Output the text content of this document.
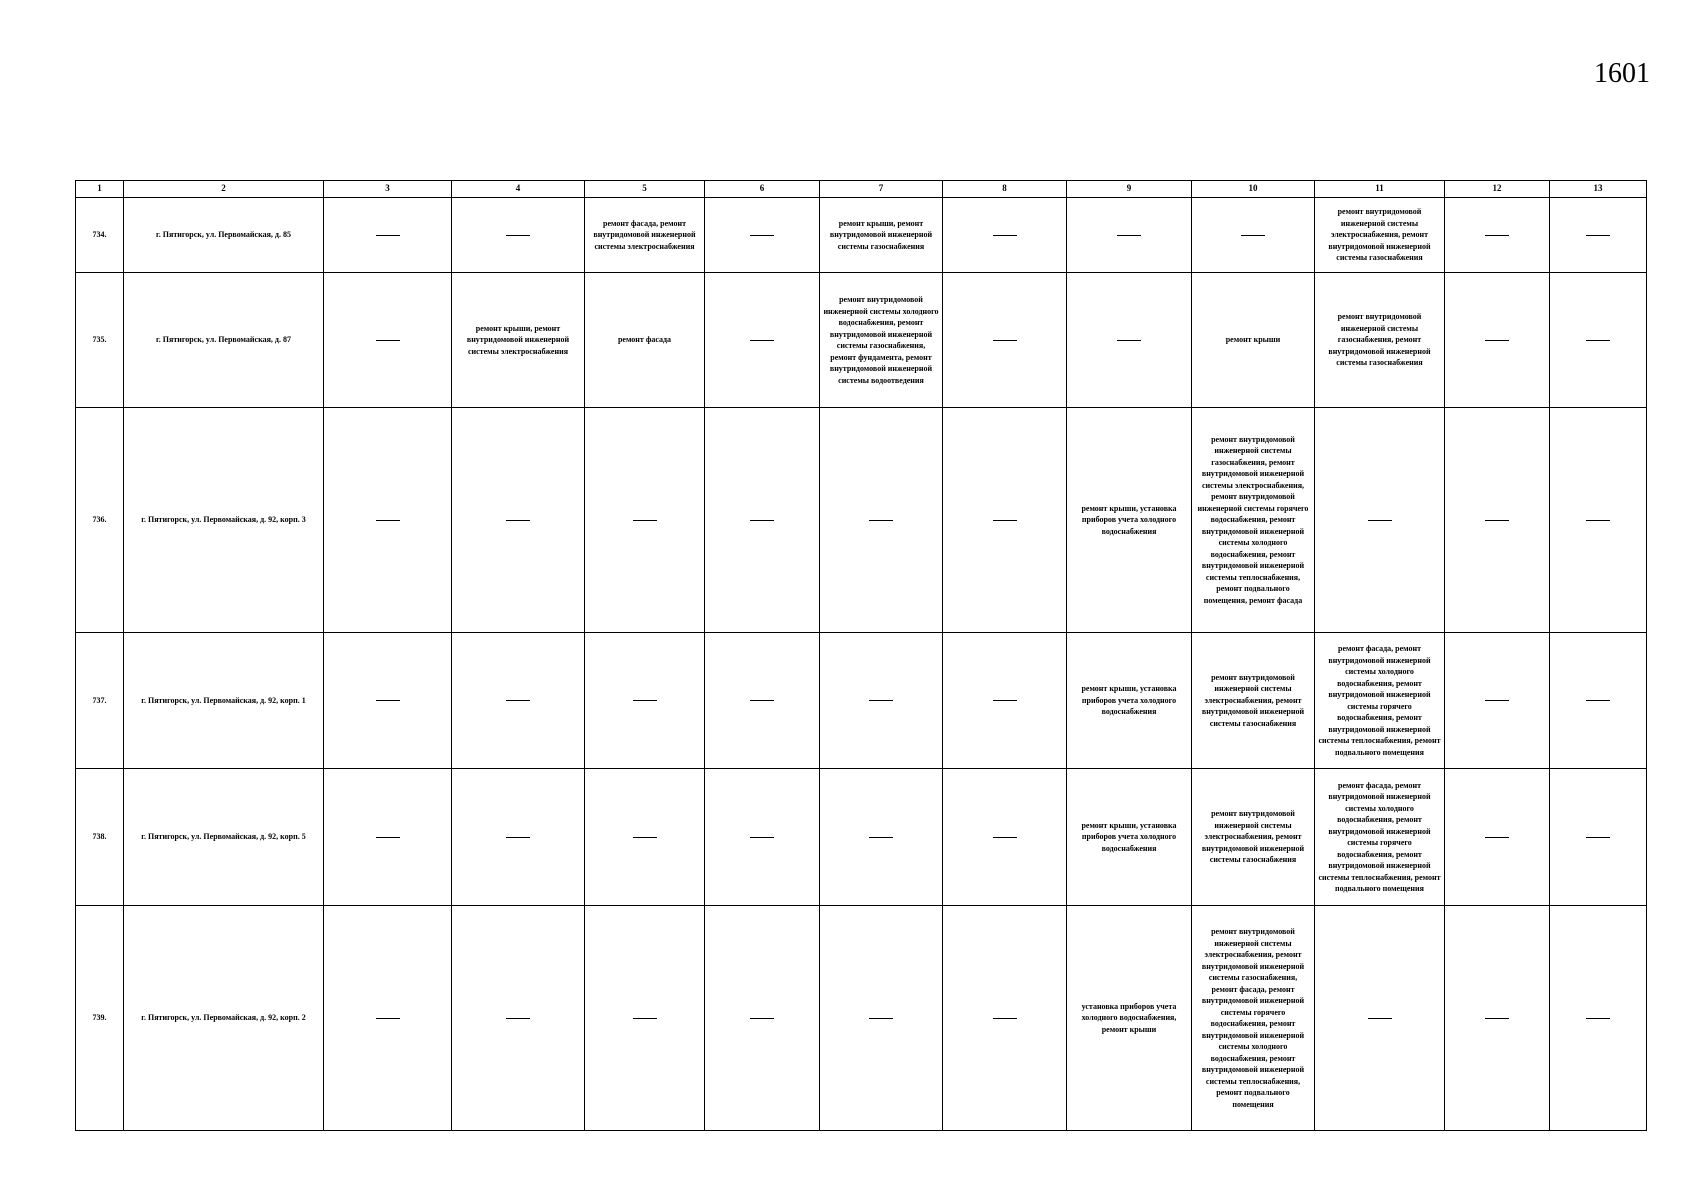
1601
1	2	3	4	5	6	7	8	9	10	11	12	13
734.	г. Пятигорск, ул. Первомайская, д. 85			ремонт фасада, ремонт внутридомовой инженерной системы электроснабжения		ремонт крыши, ремонт внутридомовой инженерной системы газоснабжения				ремонт внутридомовой инженерной системы электроснабжения, ремонт внутридомовой инженерной системы газоснабжения		
735.	г. Пятигорск, ул. Первомайская, д. 87		ремонт крыши, ремонт внутридомовой инженерной системы электроснабжения	ремонт фасада		ремонт внутридомовой инженерной системы холодного водоснабжения, ремонт внутридомовой инженерной системы газоснабжения, ремонт фундамента, ремонт внутридомовой инженерной системы водоотведения			ремонт крыши	ремонт внутридомовой инженерной системы газоснабжения, ремонт внутридомовой инженерной системы газоснабжения		
736.	г. Пятигорск, ул. Первомайская, д. 92, корп. 3							ремонт крыши, установка приборов учета холодного водоснабжения	ремонт внутридомовой инженерной системы газоснабжения, ремонт внутридомовой инженерной системы электроснабжения, ремонт внутридомовой инженерной системы горячего водоснабжения, ремонт внутридомовой инженерной системы холодного водоснабжения, ремонт внутридомовой инженерной системы теплоснабжения, ремонт подвального помещения, ремонт фасада			
737.	г. Пятигорск, ул. Первомайская, д. 92, корп. 1							ремонт крыши, установка приборов учета холодного водоснабжения	ремонт внутридомовой инженерной системы электроснабжения, ремонт внутридомовой инженерной системы газоснабжения	ремонт фасада, ремонт внутридомовой инженерной системы холодного водоснабжения, ремонт внутридомовой инженерной системы горячего водоснабжения, ремонт внутридомовой инженерной системы теплоснабжения, ремонт подвального помещения		
738.	г. Пятигорск, ул. Первомайская, д. 92, корп. 5							ремонт крыши, установка приборов учета холодного водоснабжения	ремонт внутридомовой инженерной системы электроснабжения, ремонт внутридомовой инженерной системы газоснабжения	ремонт фасада, ремонт внутридомовой инженерной системы холодного водоснабжения, ремонт внутридомовой инженерной системы горячего водоснабжения, ремонт внутридомовой инженерной системы теплоснабжения, ремонт подвального помещения		
739.	г. Пятигорск, ул. Первомайская, д. 92, корп. 2							установка приборов учета холодного водоснабжения, ремонт крыши	ремонт внутридомовой инженерной системы электроснабжения, ремонт внутридомовой инженерной системы газоснабжения, ремонт фасада, ремонт внутридомовой инженерной системы горячего водоснабжения, ремонт внутридомовой инженерной системы холодного водоснабжения, ремонт внутридомовой инженерной системы теплоснабжения, ремонт подвального помещения			
